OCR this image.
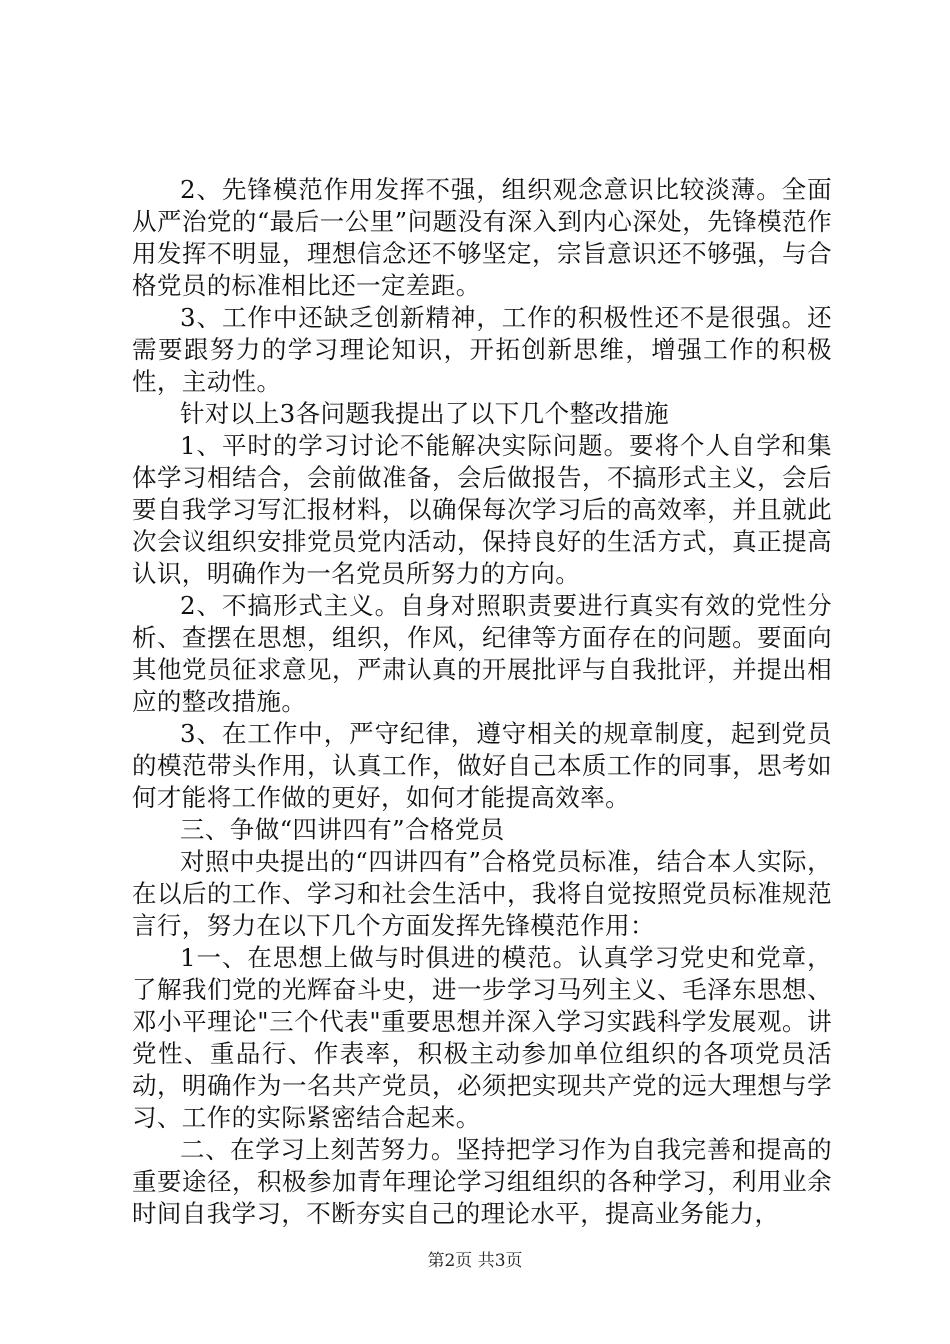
2、先锋模范作用发挥不强，组织观念意识比较淡薄。全面从严治党的“最后一公里”问题没有深入到内心深处，先锋模范作用发挥不明显，理想信念还不够坚定，宗旨意识还不够强，与合格党员的标准相比还一定差距。

3、工作中还缺乏创新精神，工作的积极性还不是很强。还需要跟努力的学习理论知识，开拓创新思维，增强工作的积极性，主动性。

针对以上3各问题我提出了以下几个整改措施

1、平时的学习讨论不能解决实际问题。要将个人自学和集体学习相结合，会前做准备，会后做报告，不搞形式主义，会后要自我学习写汇报材料，以确保每次学习后的高效率，并且就此次会议组织安排党员党内活动，保持良好的生活方式，真正提高认识，明确作为一名党员所努力的方向。

2、不搞形式主义。自身对照职责要进行真实有效的党性分析、查摆在思想，组织，作风，纪律等方面存在的问题。要面向其他党员征求意见，严肃认真的开展批评与自我批评，并提出相应的整改措施。

3、在工作中，严守纪律，遵守相关的规章制度，起到党员的模范带头作用，认真工作，做好自己本质工作的同事，思考如何才能将工作做的更好，如何才能提高效率。

三、争做“四讲四有”合格党员

对照中央提出的“四讲四有”合格党员标准，结合本人实际，在以后的工作、学习和社会生活中，我将自觉按照党员标准规范言行，努力在以下几个方面发挥先锋模范作用：

1一、在思想上做与时俱进的模范。认真学习党史和党章，了解我们党的光辉奋斗史，进一步学习马列主义、毛泽东思想、邓小平理论"三个代表"重要思想并深入学习实践科学发展观。讲党性、重品行、作表率，积极主动参加单位组织的各项党员活动，明确作为一名共产党员，必须把实现共产党的远大理想与学习、工作的实际紧密结合起来。

二、在学习上刻苦努力。坚持把学习作为自我完善和提高的重要途径，积极参加青年理论学习组组织的各种学习，利用业余时间自我学习，不断夯实自己的理论水平，提高业务能力，

第2页 共3页
